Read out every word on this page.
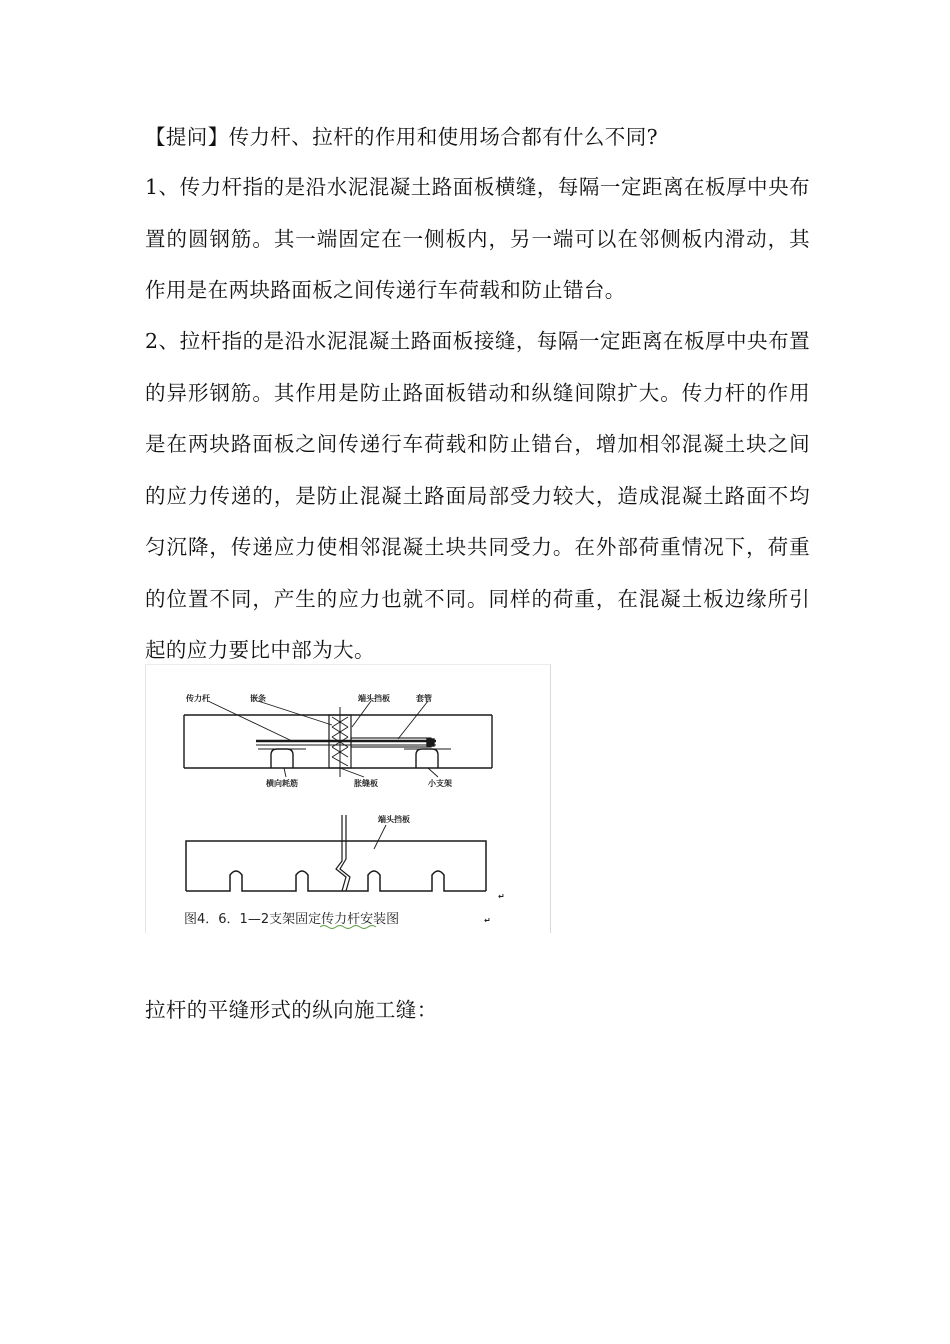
【提问】传力杆、拉杆的作用和使用场合都有什么不同?

1、传力杆指的是沿水泥混凝土路面板横缝，每隔一定距离在板厚中央布置的圆钢筋。其一端固定在一侧板内，另一端可以在邻侧板内滑动，其作用是在两块路面板之间传递行车荷载和防止错台。

2、拉杆指的是沿水泥混凝土路面板接缝，每隔一定距离在板厚中央布置的异形钢筋。其作用是防止路面板错动和纵缝间隙扩大。传力杆的作用是在两块路面板之间传递行车荷载和防止错台，增加相邻混凝土块之间的应力传递的，是防止混凝土路面局部受力较大，造成混凝土路面不均匀沉降，传递应力使相邻混凝土块共同受力。在外部荷重情况下，荷重的位置不同，产生的应力也就不同。同样的荷重，在混凝土板边缘所引起的应力要比中部为大。

传力杆	嵌条	端头挡板	套管
横向耗筋	胀缝板	小支架
端头挡板
↵
图4．6．1—2支架固定传力杆安装图	↵

拉杆的平缝形式的纵向施工缝：
